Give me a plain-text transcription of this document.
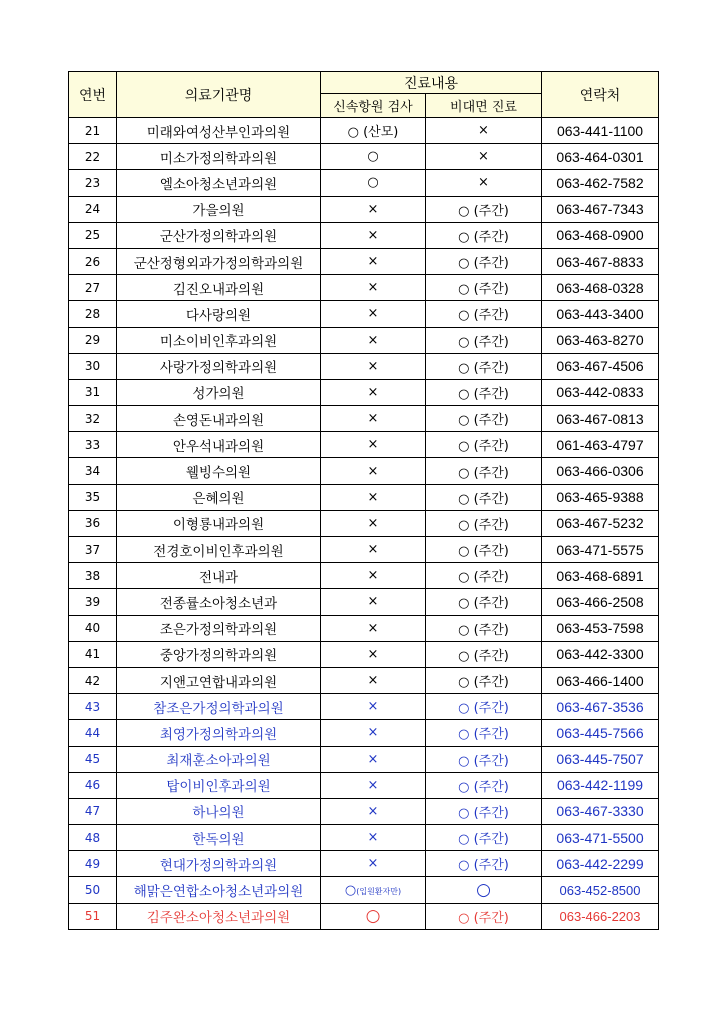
연번	의료기관명	진료내용		연락처
		신속항원 검사	비대면 진료	
21	미래와여성산부인과의원	○ (산모)	×	063-441-1100
22	미소가정의학과의원	○	×	063-464-0301
23	엘소아청소년과의원	○	×	063-462-7582
24	가을의원	×	○ (주간)	063-467-7343
25	군산가정의학과의원	×	○ (주간)	063-468-0900
26	군산정형외과가정의학과의원	×	○ (주간)	063-467-8833
27	김진오내과의원	×	○ (주간)	063-468-0328
28	다사랑의원	×	○ (주간)	063-443-3400
29	미소이비인후과의원	×	○ (주간)	063-463-8270
30	사랑가정의학과의원	×	○ (주간)	063-467-4506
31	성가의원	×	○ (주간)	063-442-0833
32	손영돈내과의원	×	○ (주간)	063-467-0813
33	안우석내과의원	×	○ (주간)	061-463-4797
34	웰빙수의원	×	○ (주간)	063-466-0306
35	은혜의원	×	○ (주간)	063-465-9388
36	이형룡내과의원	×	○ (주간)	063-467-5232
37	전경호이비인후과의원	×	○ (주간)	063-471-5575
38	전내과	×	○ (주간)	063-468-6891
39	전종률소아청소년과	×	○ (주간)	063-466-2508
40	조은가정의학과의원	×	○ (주간)	063-453-7598
41	중앙가정의학과의원	×	○ (주간)	063-442-3300
42	지앤고연합내과의원	×	○ (주간)	063-466-1400
43	참조은가정의학과의원	×	○ (주간)	063-467-3536
44	최영가정의학과의원	×	○ (주간)	063-445-7566
45	최재훈소아과의원	×	○ (주간)	063-445-7507
46	탑이비인후과의원	×	○ (주간)	063-442-1199
47	하나의원	×	○ (주간)	063-467-3330
48	한독의원	×	○ (주간)	063-471-5500
49	현대가정의학과의원	×	○ (주간)	063-442-2299
50	해맑은연합소아청소년과의원	○(입원환자만)	○	063-452-8500
51	김주완소아청소년과의원	○	○ (주간)	063-466-2203
